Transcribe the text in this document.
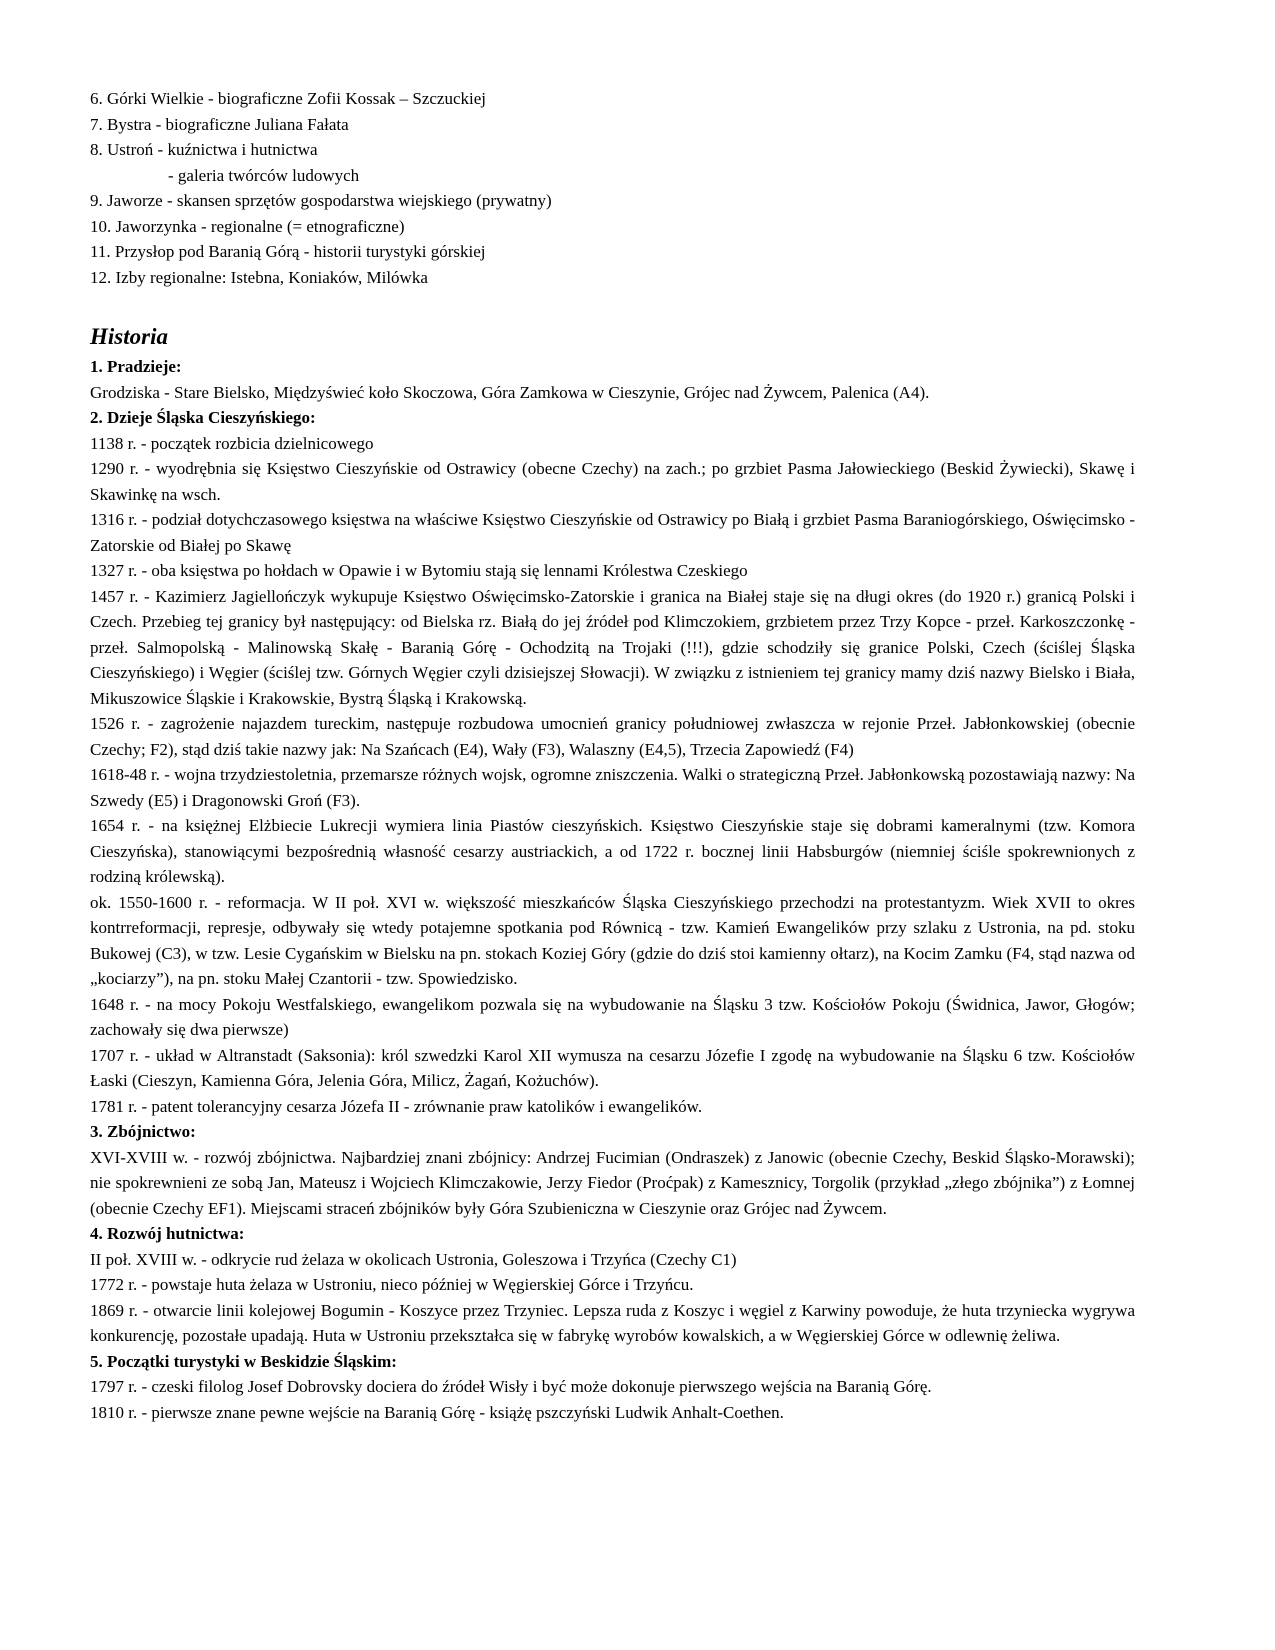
6. Górki Wielkie - biograficzne Zofii Kossak – Szczuckiej
7. Bystra - biograficzne Juliana Fałata
8. Ustroń - kuźnictwa i hutnictwa
- galeria twórców ludowych
9. Jaworze - skansen sprzętów gospodarstwa wiejskiego (prywatny)
10. Jaworzynka - regionalne (= etnograficzne)
11. Przysłop pod Baranią Górą - historii turystyki górskiej
12. Izby regionalne: Istebna, Koniaków, Milówka
Historia
1. Pradzieje:

Grodziska - Stare Bielsko, Międzyświeć koło Skoczowa, Góra Zamkowa w Cieszynie, Grójec nad Żywcem, Palenica (A4).

2. Dzieje Śląska Cieszyńskiego:

1138 r. - początek rozbicia dzielnicowego

1290 r. - wyodrębnia się Księstwo Cieszyńskie od Ostrawicy (obecne Czechy) na zach.; po grzbiet Pasma Jałowieckiego (Beskid Żywiecki), Skawę i Skawinkę na wsch.

1316 r. - podział dotychczasowego księstwa na właściwe Księstwo Cieszyńskie od Ostrawicy po Białą i grzbiet Pasma Baraniogórskiego, Oświęcimsko - Zatorskie od Białej po Skawę

1327 r. - oba księstwa po hołdach w Opawie i w Bytomiu stają się lennami Królestwa Czeskiego

1457 r. - Kazimierz Jagiellończyk wykupuje Księstwo Oświęcimsko-Zatorskie i granica na Białej staje się na długi okres (do 1920 r.) granicą Polski i Czech. Przebieg tej granicy był następujący: od Bielska rz. Białą do jej źródeł pod Klimczokiem, grzbietem przez Trzy Kopce - przeł. Karkoszczonkę - przeł. Salmopolską - Malinowską Skałę - Baranią Górę - Ochodzitą na Trojaki (!!!), gdzie schodziły się granice Polski, Czech (ściślej Śląska Cieszyńskiego) i Węgier (ściślej tzw. Górnych Węgier czyli dzisiejszej Słowacji). W związku z istnieniem tej granicy mamy dziś nazwy Bielsko i Biała, Mikuszowice Śląskie i Krakowskie, Bystrą Śląską i Krakowską.

1526 r. - zagrożenie najazdem tureckim, następuje rozbudowa umocnień granicy południowej zwłaszcza w rejonie Przeł. Jabłonkowskiej (obecnie Czechy; F2), stąd dziś takie nazwy jak: Na Szańcach (E4), Wały (F3), Walaszny (E4,5), Trzecia Zapowiedź (F4)

1618-48 r. - wojna trzydziestoletnia, przemarsze różnych wojsk, ogromne zniszczenia. Walki o strategiczną Przeł. Jabłonkowską pozostawiają nazwy: Na Szwedy (E5) i Dragonowski Groń (F3).

1654 r. - na księżnej Elżbiecie Lukrecji wymiera linia Piastów cieszyńskich. Księstwo Cieszyńskie staje się dobrami kameralnymi (tzw. Komora Cieszyńska), stanowiącymi bezpośrednią własność cesarzy austriackich, a od 1722 r. bocznej linii Habsburgów (niemniej ściśle spokrewnionych z rodziną królewską).

ok. 1550-1600 r. - reformacja. W II poł. XVI w. większość mieszkańców Śląska Cieszyńskiego przechodzi na protestantyzm. Wiek XVII to okres kontrreformacji, represje, odbywały się wtedy potajemne spotkania pod Równicą - tzw. Kamień Ewangelików przy szlaku z Ustronia, na pd. stoku Bukowej (C3), w tzw. Lesie Cygańskim w Bielsku na pn. stokach Koziej Góry (gdzie do dziś stoi kamienny ołtarz), na Kocim Zamku (F4, stąd nazwa od „kociarzy”), na pn. stoku Małej Czantorii - tzw. Spowiedzisko.

1648 r. - na mocy Pokoju Westfalskiego, ewangelikom pozwala się na wybudowanie na Śląsku 3 tzw. Kościołów Pokoju (Świdnica, Jawor, Głogów; zachowały się dwa pierwsze)

1707 r. - układ w Altranstadt (Saksonia): król szwedzki Karol XII wymusza na cesarzu Józefie I zgodę na wybudowanie na Śląsku 6 tzw. Kościołów Łaski (Cieszyn, Kamienna Góra, Jelenia Góra, Milicz, Żagań, Kożuchów).

1781 r. - patent tolerancyjny cesarza Józefa II - zrównanie praw katolików i ewangelików.

3. Zbójnictwo:

XVI-XVIII w. - rozwój zbójnictwa. Najbardziej znani zbójnicy: Andrzej Fucimian (Ondraszek) z Janowic (obecnie Czechy, Beskid Śląsko-Morawski); nie spokrewnieni ze sobą Jan, Mateusz i Wojciech Klimczakowie, Jerzy Fiedor (Proćpak) z Kamesznicy, Torgolik (przykład „złego zbójnika”) z Łomnej (obecnie Czechy EF1). Miejscami straceń zbójników były Góra Szubieniczna w Cieszynie oraz Grójec nad Żywcem.

4. Rozwój hutnictwa:

II poł. XVIII w. - odkrycie rud żelaza w okolicach Ustronia, Goleszowa i Trzyńca (Czechy C1)

1772 r. - powstaje huta żelaza w Ustroniu, nieco później w Węgierskiej Górce i Trzyńcu.

1869 r. - otwarcie linii kolejowej Bogumin - Koszyce przez Trzyniec. Lepsza ruda z Koszyc i węgiel z Karwiny powoduje, że huta trzyniecka wygrywa konkurencję, pozostałe upadają. Huta w Ustroniu przekształca się w fabrykę wyrobów kowalskich, a w Węgierskiej Górce w odlewnię żeliwa.

5. Początki turystyki w Beskidzie Śląskim:

1797 r. - czeski filolog Josef Dobrovsky dociera do źródeł Wisły i być może dokonuje pierwszego wejścia na Baranią Górę.

1810 r. - pierwsze znane pewne wejście na Baranią Górę - książę pszczyński Ludwik Anhalt-Coethen.
